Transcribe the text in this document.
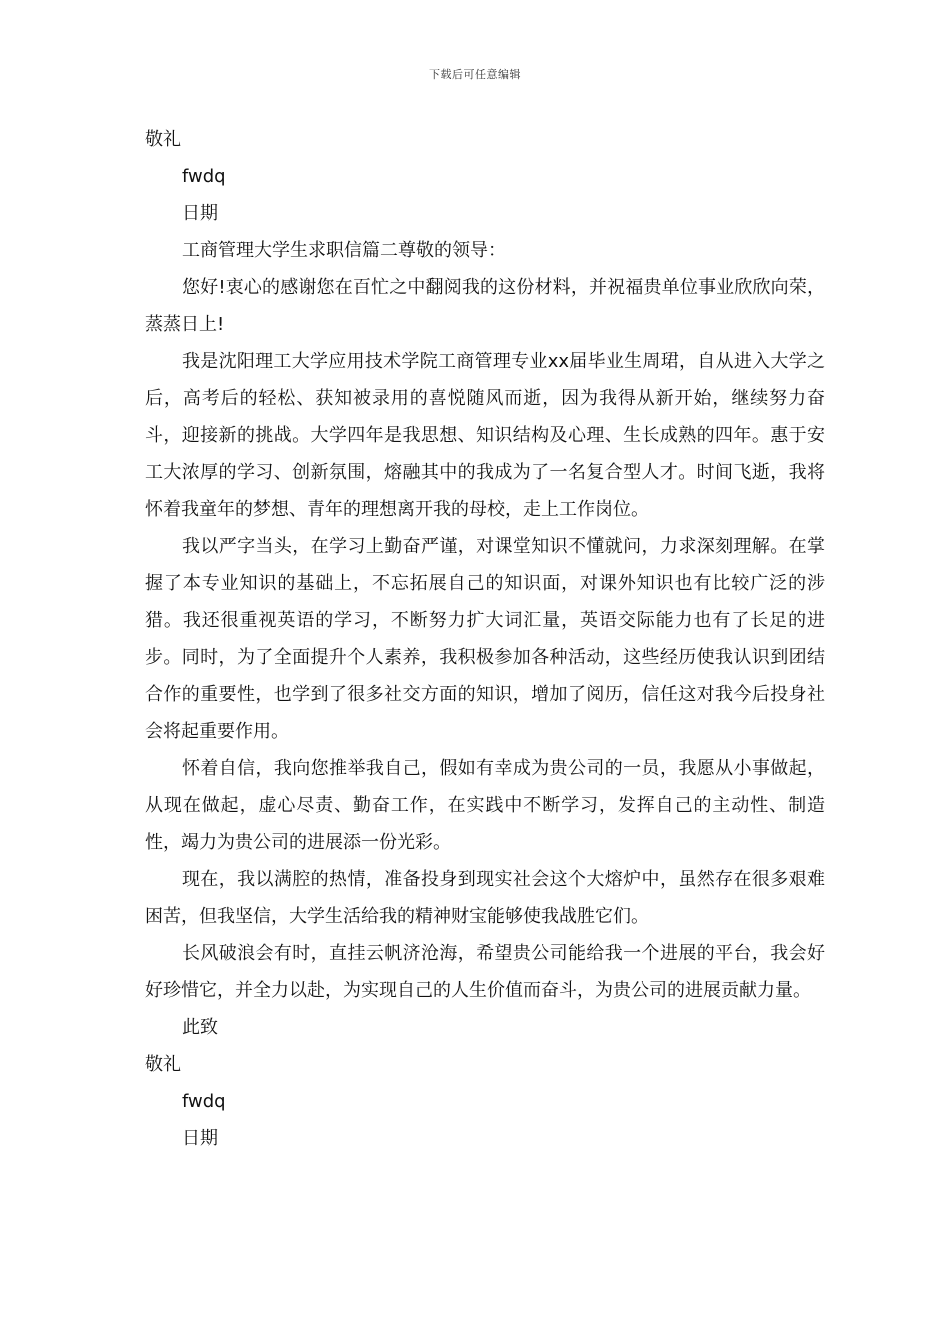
下载后可任意编辑

敬礼

fwdq

日期

工商管理大学生求职信篇二尊敬的领导：

您好!衷心的感谢您在百忙之中翻阅我的这份材料，并祝福贵单位事业欣欣向荣，蒸蒸日上!

我是沈阳理工大学应用技术学院工商管理专业xx届毕业生周珺，自从进入大学之后，高考后的轻松、获知被录用的喜悦随风而逝，因为我得从新开始，继续努力奋斗，迎接新的挑战。大学四年是我思想、知识结构及心理、生长成熟的四年。惠于安工大浓厚的学习、创新氛围，熔融其中的我成为了一名复合型人才。时间飞逝，我将怀着我童年的梦想、青年的理想离开我的母校，走上工作岗位。

我以严字当头，在学习上勤奋严谨，对课堂知识不懂就问，力求深刻理解。在掌握了本专业知识的基础上，不忘拓展自己的知识面，对课外知识也有比较广泛的涉猎。我还很重视英语的学习，不断努力扩大词汇量，英语交际能力也有了长足的进步。同时，为了全面提升个人素养，我积极参加各种活动，这些经历使我认识到团结合作的重要性，也学到了很多社交方面的知识，增加了阅历，信任这对我今后投身社会将起重要作用。

怀着自信，我向您推举我自己，假如有幸成为贵公司的一员，我愿从小事做起，从现在做起，虚心尽责、勤奋工作，在实践中不断学习，发挥自己的主动性、制造性，竭力为贵公司的进展添一份光彩。

现在，我以满腔的热情，准备投身到现实社会这个大熔炉中，虽然存在很多艰难困苦，但我坚信，大学生活给我的精神财宝能够使我战胜它们。

长风破浪会有时，直挂云帆济沧海，希望贵公司能给我一个进展的平台，我会好好珍惜它，并全力以赴，为实现自己的人生价值而奋斗，为贵公司的进展贡献力量。

此致

敬礼

fwdq

日期
